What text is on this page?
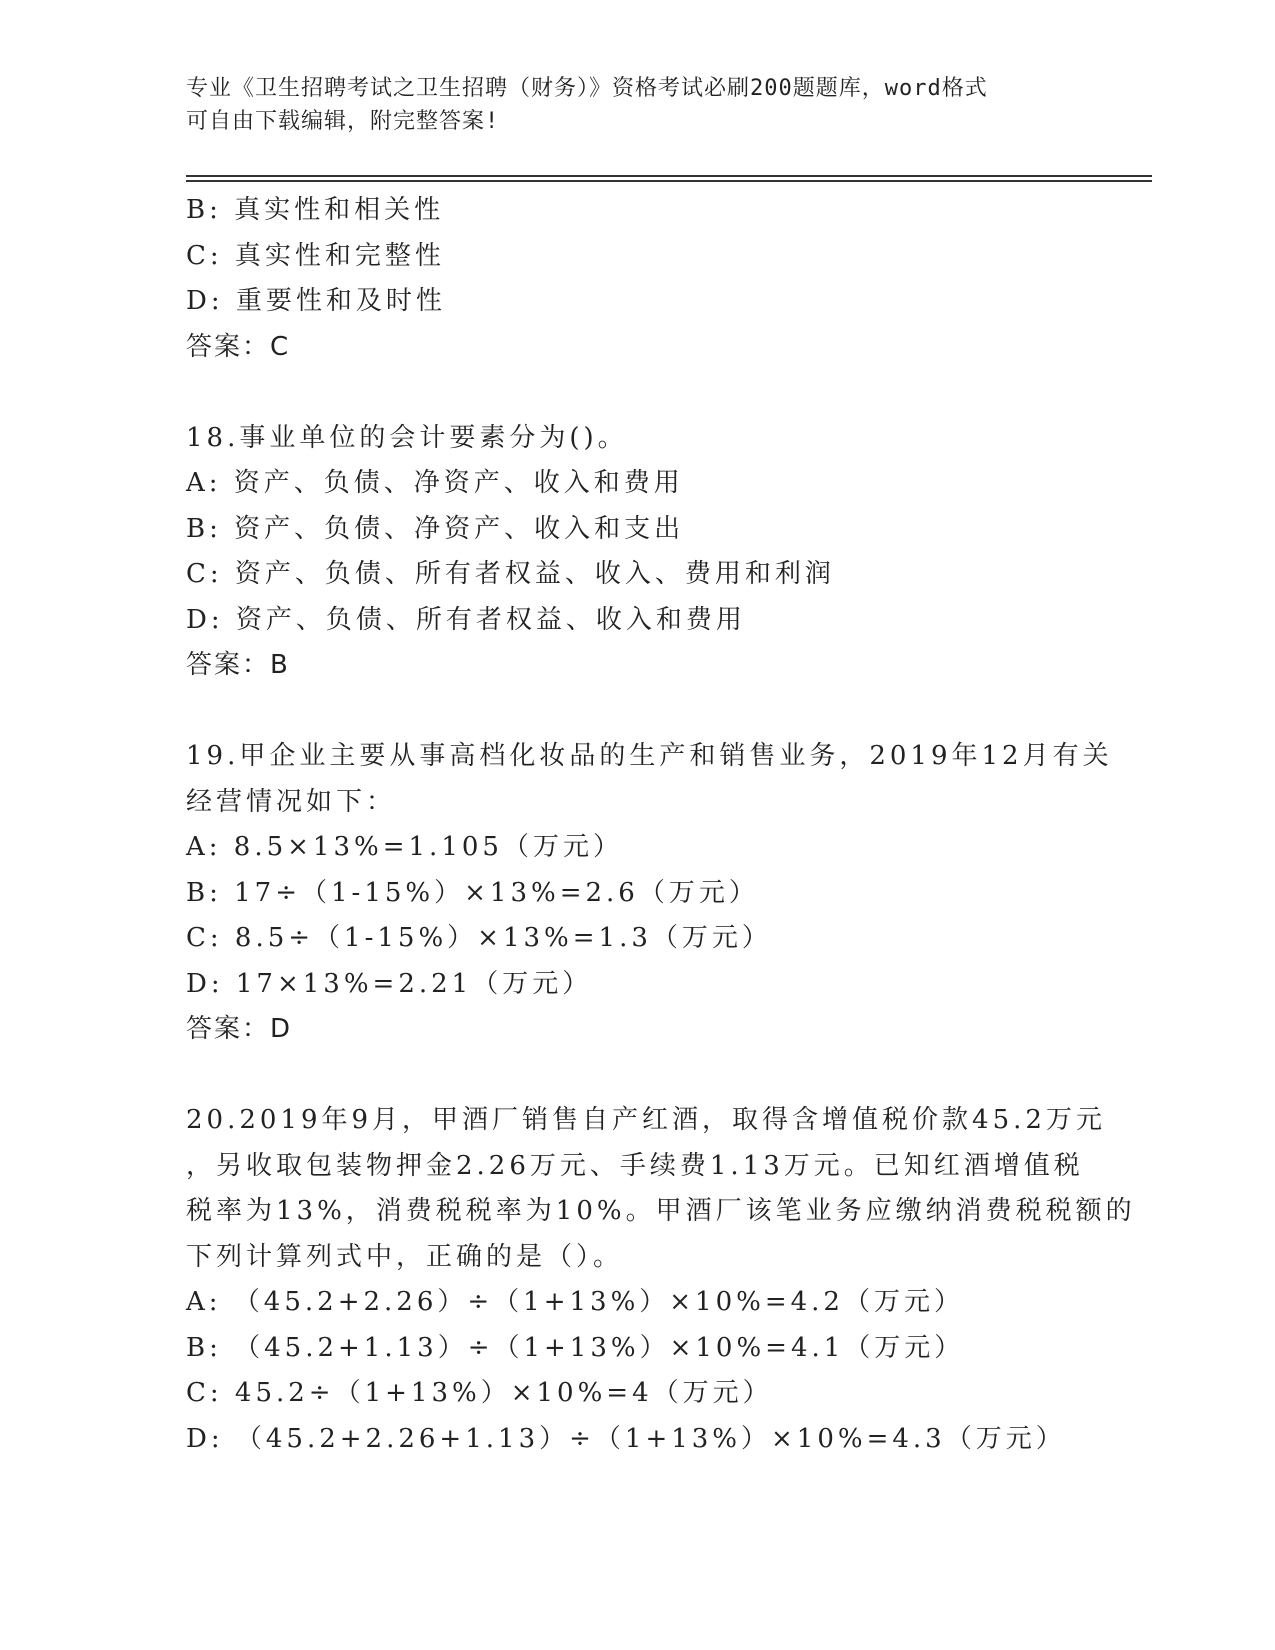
专业《卫生招聘考试之卫生招聘（财务）》资格考试必刷200题题库，word格式
可自由下载编辑，附完整答案!
B: 真实性和相关性
C: 真实性和完整性
D: 重要性和及时性
答案：C
18.事业单位的会计要素分为()。
A: 资产、负债、净资产、收入和费用
B: 资产、负债、净资产、收入和支出
C: 资产、负债、所有者权益、收入、费用和利润
D: 资产、负债、所有者权益、收入和费用
答案：B
19.甲企业主要从事高档化妆品的生产和销售业务，2019年12月有关
经营情况如下：
A: 8.5×13%=1.105（万元）
B: 17÷（1-15%）×13%=2.6（万元）
C: 8.5÷（1-15%）×13%=1.3（万元）
D: 17×13%=2.21（万元）
答案：D
20.2019年9月，甲酒厂销售自产红酒，取得含增值税价款45.2万元
，另收取包装物押金2.26万元、手续费1.13万元。已知红酒增值税
税率为13%，消费税税率为10%。甲酒厂该笔业务应缴纳消费税税额的
下列计算列式中，正确的是（）。
A: （45.2+2.26）÷（1+13%）×10%=4.2（万元）
B: （45.2+1.13）÷（1+13%）×10%=4.1（万元）
C: 45.2÷（1+13%）×10%=4（万元）
D: （45.2+2.26+1.13）÷（1+13%）×10%=4.3（万元）
